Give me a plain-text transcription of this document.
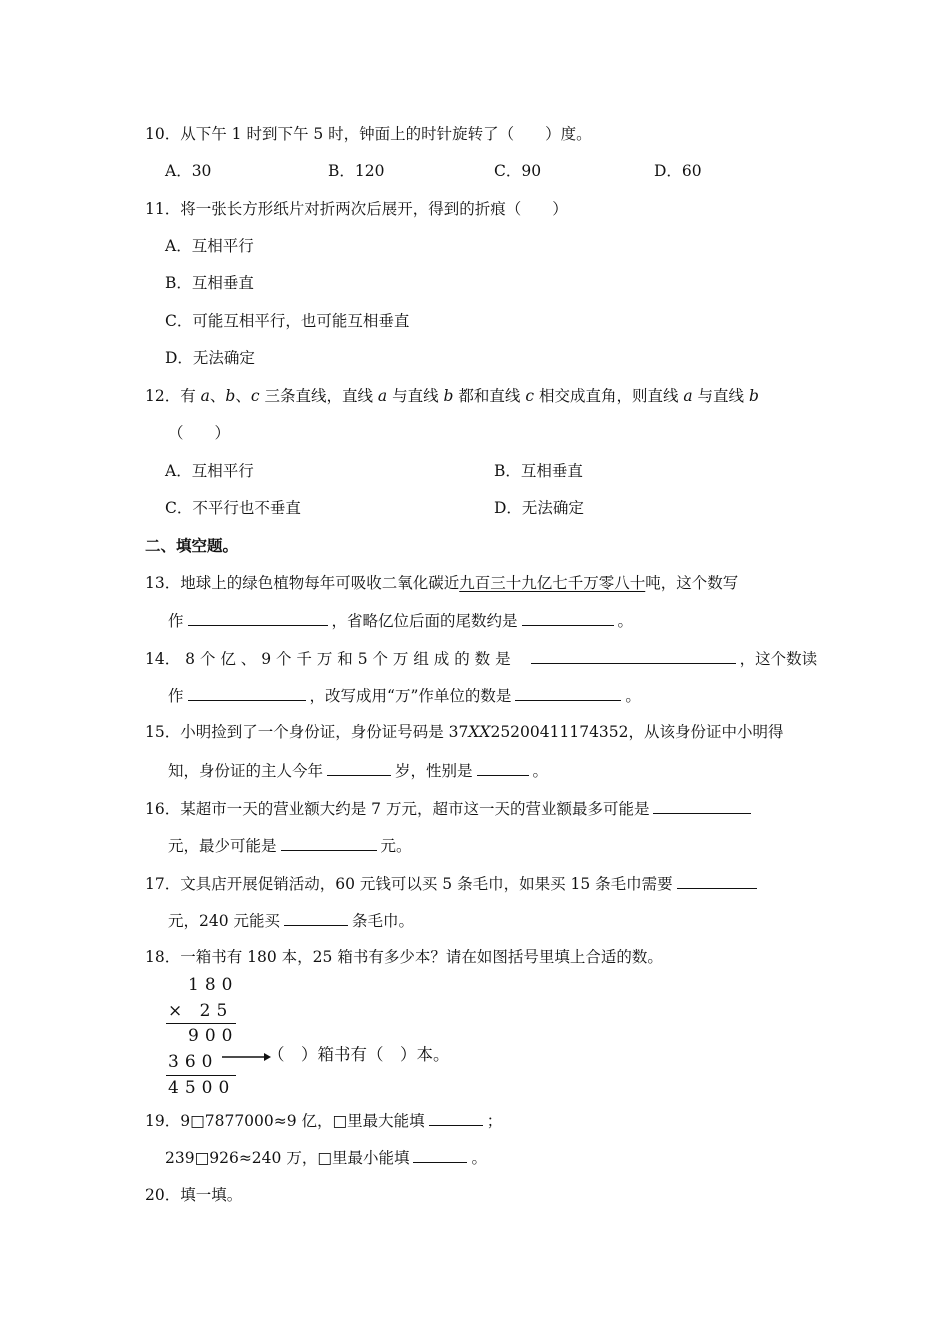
10．从下午 1 时到下午 5 时，钟面上的时针旋转了（　　）度。
A．30	B．120	C．90	D．60
11．将一张长方形纸片对折两次后展开，得到的折痕（　　）
A．互相平行
B．互相垂直
C．可能互相平行，也可能互相垂直
D．无法确定
12．有 a、b、c 三条直线，直线 a 与直线 b 都和直线 c 相交成直角，则直线 a 与直线 b
（　　）
A．互相平行	B．互相垂直
C．不平行也不垂直	D．无法确定
二、填空题。
13．地球上的绿色植物每年可吸收二氧化碳近九百三十九亿七千万零八十吨，这个数写
作	，省略亿位后面的尾数约是	。
14． 8 个 亿 、 9 个 千 万 和 5 个 万 组 成 的 数 是	，这个数读
作	，改写成用“万”作单位的数是	。
15．小明捡到了一个身份证，身份证号码是 37XX25200411174352，从该身份证中小明得
知，身份证的主人今年	岁，性别是	。
16．某超市一天的营业额大约是 7 万元，超市这一天的营业额最多可能是
元，最少可能是	元。
17．文具店开展促销活动，60 元钱可以买 5 条毛巾，如果买 15 条毛巾需要
元，240 元能买	条毛巾。
18．一箱书有 180 本，25 箱书有多少本？请在如图括号里填上合适的数。
180
× 25
900
360
4500
（　）箱书有（　）本。
19．9□7877000≈9 亿，□里最大能填	；
239□926≈240 万，□里最小能填	。
20．填一填。
